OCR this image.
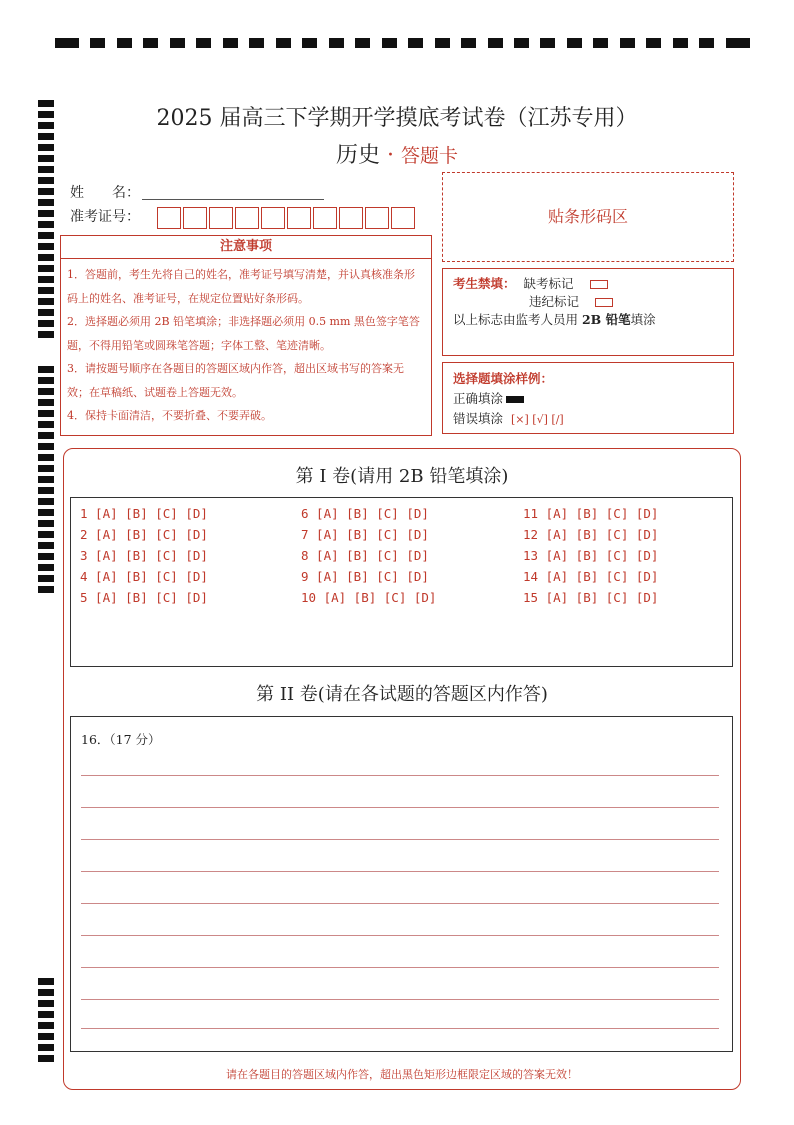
2025 届高三下学期开学摸底考试卷（江苏专用）
历史 · 答题卡
姓　　名：
准考证号：	贴条形码区
注意事项

1．答题前，考生先将自己的姓名，准考证号填写清楚，并认真核准条形码上的姓名、准考证号，在规定位置贴好条形码。

2．选择题必须用 2B 铅笔填涂；非选择题必须用 0.5 mm 黑色签字笔答题，不得用铅笔或圆珠笔答题；字体工整、笔迹清晰。

3．请按题号顺序在各题目的答题区域内作答，超出区域书写的答案无效；在草稿纸、试题卷上答题无效。

4．保持卡面清洁，不要折叠、不要弄破。

考生禁填： 缺考标记
违纪标记
以上标志由监考人员用 2B 铅笔填涂
选择题填涂样例：
正确填涂
错误填涂 [×] [√] [/]
第 I 卷(请用 2B 铅笔填涂)
1 [A] [B] [C] [D]
2 [A] [B] [C] [D]
3 [A] [B] [C] [D]
4 [A] [B] [C] [D]
5 [A] [B] [C] [D]
6 [A] [B] [C] [D]
7 [A] [B] [C] [D]
8 [A] [B] [C] [D]
9 [A] [B] [C] [D]
10 [A] [B] [C] [D]
11 [A] [B] [C] [D]
12 [A] [B] [C] [D]
13 [A] [B] [C] [D]
14 [A] [B] [C] [D]
15 [A] [B] [C] [D]
第 II 卷(请在各试题的答题区内作答)
16．（17 分）
请在各题目的答题区域内作答，超出黑色矩形边框限定区域的答案无效！
